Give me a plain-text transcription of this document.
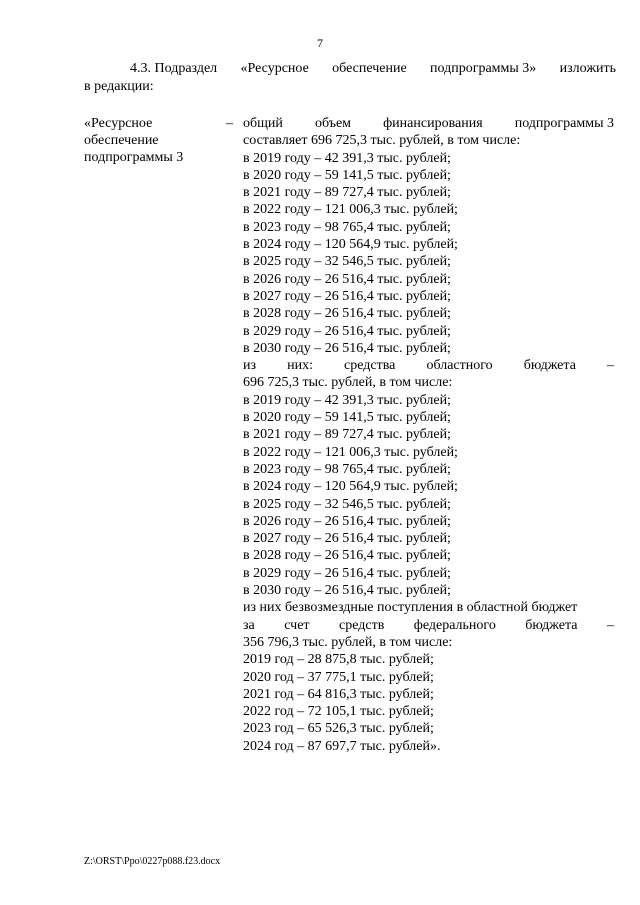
7
4.3. Подраздел «Ресурсное обеспечение подпрограммы 3» изложить
в редакции:
«Ресурсное
обеспечение
подпрограммы 3
– общий объем финансирования подпрограммы 3
составляет 696 725,3 тыс. рублей, в том числе:
в 2019 году – 42 391,3 тыс. рублей;
в 2020 году – 59 141,5 тыс. рублей;
в 2021 году – 89 727,4 тыс. рублей;
в 2022 году – 121 006,3 тыс. рублей;
в 2023 году – 98 765,4 тыс. рублей;
в 2024 году – 120 564,9 тыс. рублей;
в 2025 году – 32 546,5 тыс. рублей;
в 2026 году – 26 516,4 тыс. рублей;
в 2027 году – 26 516,4 тыс. рублей;
в 2028 году – 26 516,4 тыс. рублей;
в 2029 году – 26 516,4 тыс. рублей;
в 2030 году – 26 516,4 тыс. рублей;
из них: средства областного бюджета –
696 725,3 тыс. рублей, в том числе:
в 2019 году – 42 391,3 тыс. рублей;
в 2020 году – 59 141,5 тыс. рублей;
в 2021 году – 89 727,4 тыс. рублей;
в 2022 году – 121 006,3 тыс. рублей;
в 2023 году – 98 765,4 тыс. рублей;
в 2024 году – 120 564,9 тыс. рублей;
в 2025 году – 32 546,5 тыс. рублей;
в 2026 году – 26 516,4 тыс. рублей;
в 2027 году – 26 516,4 тыс. рублей;
в 2028 году – 26 516,4 тыс. рублей;
в 2029 году – 26 516,4 тыс. рублей;
в 2030 году – 26 516,4 тыс. рублей;
из них безвозмездные поступления в областной бюджет
за счет средств федерального бюджета –
356 796,3 тыс. рублей, в том числе:
2019 год – 28 875,8 тыс. рублей;
2020 год – 37 775,1 тыс. рублей;
2021 год – 64 816,3 тыс. рублей;
2022 год – 72 105,1 тыс. рублей;
2023 год – 65 526,3 тыс. рублей;
2024 год – 87 697,7 тыс. рублей».
Z:\ORST\Ppo\0227p088.f23.docx
